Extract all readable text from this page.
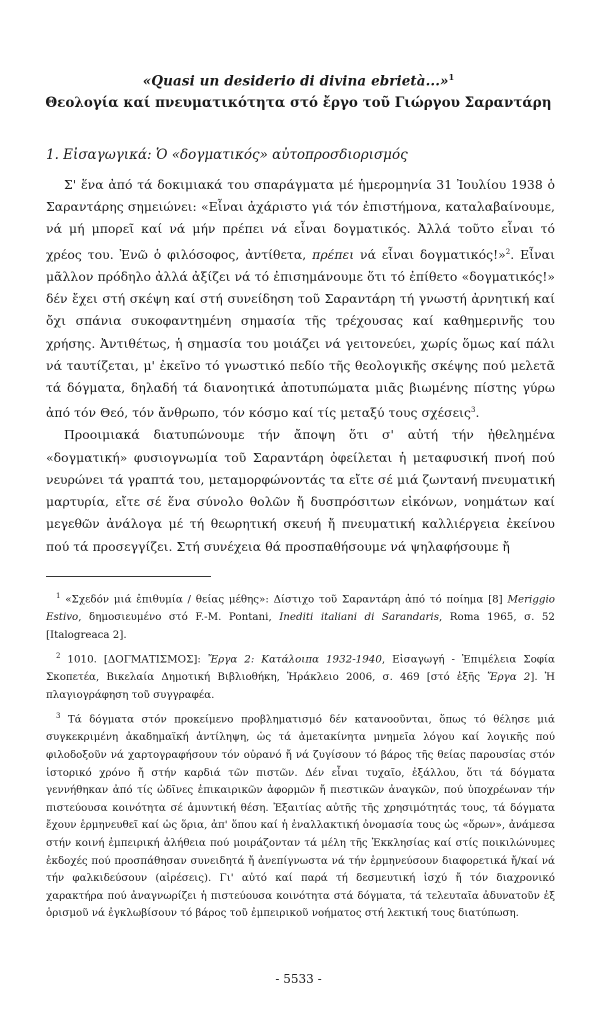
«Quasi un desiderio di divina ebrietà...»$^1$
Θεολογία καί πνευματικότητα στό ἔργο τοῦ Γιώργου Σαραντάρη
1. Εἰσαγωγικά: Ὁ «δογματικός» αὐτοπροσδιορισμός

Σ' ἕνα ἀπό τά δοκιμιακά του σπαράγματα μέ ἡμερομηνία 31 Ἰουλίου 1938 ὁ Σαραντάρης σημειώνει: «Εἶναι ἀχάριστο γιά τόν ἐπιστήμονα, καταλαβαίνουμε, νά μή μπορεῖ καί νά μήν πρέπει νά εἶναι δογματικός. Ἀλλά τοῦτο εἶναι τό χρέος του. Ἐνῶ ὁ φιλόσοφος, ἀντίθετα, πρέπει νά εἶναι δογματικός!»$^2$. Εἶναι μᾶλλον πρόδηλο ἀλλά ἀξίζει νά τό ἐπισημάνουμε ὅτι τό ἐπίθετο «δογματικός!» δέν ἔχει στή σκέψη καί στή συνείδηση τοῦ Σαραντάρη τή γνωστή ἀρνητική καί ὄχι σπάνια συκοφαντημένη σημασία τῆς τρέχουσας καί καθημερινῆς του χρήσης. Ἀντιθέτως, ἡ σημασία του μοιάζει νά γειτονεύει, χωρίς ὅμως καί πάλι νά ταυτίζεται, μ' ἐκεῖνο τό γνωστικό πεδίο τῆς θεολογικῆς σκέψης πού μελετᾶ τά δόγματα, δηλαδή τά διανοητικά ἀποτυπώματα μιᾶς βιωμένης πίστης γύρω ἀπό τόν Θεό, τόν ἄνθρωπο, τόν κόσμο καί τίς μεταξύ τους σχέσεις$^3$.

Προοιμιακά διατυπώνουμε τήν ἄποψη ὅτι σ' αὐτή τήν ἠθελημένα «δογματική» φυσιογνωμία τοῦ Σαραντάρη ὀφείλεται ἡ μεταφυσική πνοή πού νευρώνει τά γραπτά του, μεταμορφώνοντάς τα εἴτε σέ μιά ζωντανή πνευματική μαρτυρία, εἴτε σέ ἕνα σύνολο θολῶν ἤ δυσπρόσιτων εἰκόνων, νοημάτων καί μεγεθῶν ἀνάλογα μέ τή θεωρητική σκευή ἤ πνευματική καλλιέργεια ἐκείνου πού τά προσεγγίζει. Στή συνέχεια θά προσπαθήσουμε νά ψηλαφήσουμε ἤ

$^1$ «Σχεδόν μιά ἐπιθυμία / θείας μέθης»: Δίστιχο τοῦ Σαραντάρη ἀπό τό ποίημα [8] Meriggio Estivo, δημοσιευμένο στό F.-M. Pontani, Inediti italiani di Sarandaris, Roma 1965, σ. 52 [Italogreaca 2].

$^2$ 1010. [ΔΟΓΜΑΤΙΣΜΟΣ]: Ἔργα 2: Κατάλοιπα 1932-1940, Εἰσαγωγή - Ἐπιμέλεια Σοφία Σκοπετέα, Βικελαία Δημοτική Βιβλιοθήκη, Ἡράκλειο 2006, σ. 469 [στό ἑξῆς Ἔργα 2]. Ἡ πλαγιογράφηση τοῦ συγγραφέα.

$^3$ Τά δόγματα στόν προκείμενο προβληματισμό δέν κατανοοῦνται, ὅπως τό θέλησε μιά συγκεκριμένη ἀκαδημαϊκή ἀντίληψη, ὡς τά ἀμετακίνητα μνημεῖα λόγου καί λογικῆς πού φιλοδοξοῦν νά χαρτογραφήσουν τόν οὐρανό ἤ νά ζυγίσουν τό βάρος τῆς θείας παρουσίας στόν ἱστορικό χρόνο ἤ στήν καρδιά τῶν πιστῶν. Δέν εἶναι τυχαῖο, ἐξάλλου, ὅτι τά δόγματα γεννήθηκαν ἀπό τίς ὠδῖνες ἐπικαιρικῶν ἀφορμῶν ἤ πιεστικῶν ἀναγκῶν, πού ὑποχρέωναν τήν πιστεύουσα κοινότητα σέ ἀμυντική θέση. Ἐξαιτίας αὐτῆς τῆς χρησιμότητάς τους, τά δόγματα ἔχουν ἑρμηνευθεῖ καί ὡς ὅρια, ἀπ' ὅπου καί ἡ ἐναλλακτική ὀνομασία τους ὡς «ὅρων», ἀνάμεσα στήν κοινή ἐμπειρική ἀλήθεια πού μοιράζονταν τά μέλη τῆς Ἐκκλησίας καί στίς ποικιλώνυμες ἐκδοχές πού προσπάθησαν συνειδητά ἤ ἀνεπίγνωστα νά τήν ἑρμηνεύσουν διαφορετικά ἤ/καί νά τήν φαλκιδεύσουν (αἱρέσεις). Γι' αὐτό καί παρά τή δεσμευτική ἰσχύ ἤ τόν διαχρονικό χαρακτήρα πού ἀναγνωρίζει ἡ πιστεύουσα κοινότητα στά δόγματα, τά τελευταῖα ἀδυνατοῦν ἐξ ὁρισμοῦ νά ἐγκλωβίσουν τό βάρος τοῦ ἐμπειρικοῦ νοήματος στή λεκτική τους διατύπωση.

- 5533 -
